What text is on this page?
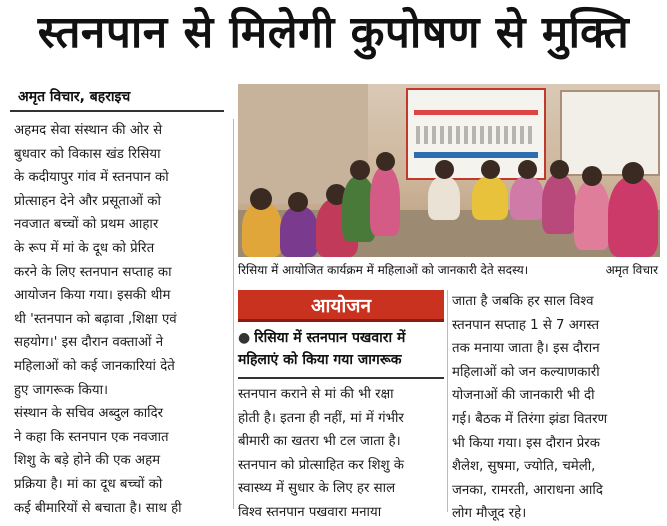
स्तनपान से मिलेगी कुपोषण से मुक्ति
अमृत विचार, बहराइच
अहमद सेवा संस्थान की ओर से
बुधवार को विकास खंड रिसिया
के कदीयापुर गांव में स्तनपान को
प्रोत्साहन देने और प्रसूताओं को
नवजात बच्चों को प्रथम आहार
के रूप में मां के दूध को प्रेरित
करने के लिए स्तनपान सप्ताह का
आयोजन किया गया। इसकी थीम
थी 'स्तनपान को बढ़ावा ,शिक्षा एवं
सहयोग।' इस दौरान वक्ताओं ने
महिलाओं को कई जानकारियां देते
हुए जागरूक किया।
संस्थान के सचिव अब्दुल कादिर
ने कहा कि स्तनपान एक नवजात
शिशु के बड़े होने की एक अहम
प्रक्रिया है। मां का दूध बच्चों को
कई बीमारियों से बचाता है। साथ ही
रिसिया में आयोजित कार्यक्रम में महिलाओं को जानकारी देते सदस्य।	अमृत विचार
आयोजन
● रिसिया में स्तनपान पखवारा में
महिलाएं को किया गया जागरूक
स्तनपान कराने से मां की भी रक्षा
होती है। इतना ही नहीं, मां में गंभीर
बीमारी का खतरा भी टल जाता है।
स्तनपान को प्रोत्साहित कर शिशु के
स्वास्थ्य में सुधार के लिए हर साल
विश्व स्तनपान पखवारा मनाया
जाता है जबकि हर साल विश्व
स्तनपान सप्ताह 1 से 7 अगस्त
तक मनाया जाता है। इस दौरान
महिलाओं को जन कल्याणकारी
योजनाओं की जानकारी भी दी
गई। बैठक में तिरंगा झंडा वितरण
भी किया गया। इस दौरान प्रेरक
शैलेश, सुषमा, ज्योति, चमेली,
जनका, रामरती, आराधना आदि
लोग मौजूद रहे।
